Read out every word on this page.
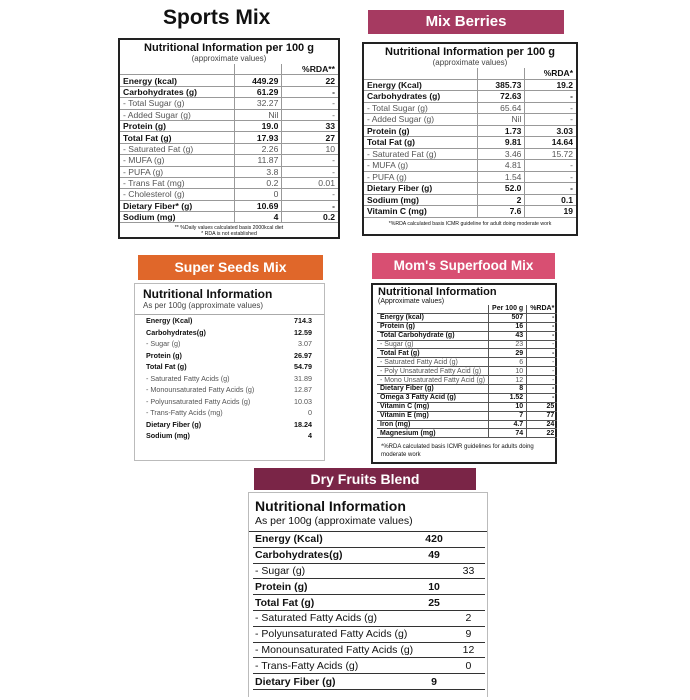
Sports Mix
Nutritional Information per 100 g
(approximate values)
		%RDA**
Energy (kcal)	449.29	22
Carbohydrates (g)	61.29	-
- Total Sugar (g)	32.27	-
- Added Sugar (g)	Nil	-
Protein (g)	19.0	33
Total Fat (g)	17.93	27
- Saturated Fat (g)	2.26	10
- MUFA (g)	11.87	-
- PUFA (g)	3.8	-
- Trans Fat (mg)	0.2	0.01
- Cholesterol (g)	0	-
Dietary Fiber* (g)	10.69	-
Sodium (mg)	4	0.2
** %Daily values calculated basis 2000kcal diet
* RDA is not established
Mix Berries
Nutritional Information per 100 g
(approximate values)
		%RDA*
Energy (Kcal)	385.73	19.2
Carbohydrates (g)	72.63	-
- Total Sugar (g)	65.64	-
- Added Sugar (g)	Nil	-
Protein (g)	1.73	3.03
Total Fat (g)	9.81	14.64
- Saturated Fat (g)	3.46	15.72
- MUFA (g)	4.81	-
- PUFA (g)	1.54	-
Dietary Fiber (g)	52.0	-
Sodium (mg)	2	0.1
Vitamin C (mg)	7.6	19
*%RDA calculated basis ICMR guideline for adult doing moderate work
Super Seeds Mix
Nutritional Information
As per 100g (approximate values)
Energy (Kcal)	714.3
Carbohydrates(g)	12.59
- Sugar (g)	3.07
Protein (g)	26.97
Total Fat (g)	54.79
- Saturated Fatty Acids (g)	31.89
- Monounsaturated Fatty Acids (g)	12.87
- Polyunsaturated Fatty Acids (g)	10.03
- Trans-Fatty Acids (mg)	0
Dietary Fiber (g)	18.24
Sodium (mg)	4
Mom's Superfood Mix
Nutritional Information
(Approximate values)
	Per 100 g	%RDA*
Energy (kcal)	507	-
Protein (g)	16	-
Total Carbohydrate (g)	43	-
- Sugar (g)	23	-
Total Fat (g)	29	-
- Saturated Fatty Acid (g)	6	-
- Poly Unsaturated Fatty Acid (g)	10	-
- Mono Unsaturated Fatty Acid (g)	12	-
Dietary Fiber (g)	8	-
Omega 3 Fatty Acid (g)	1.52	-
Vitamin C (mg)	10	25
Vitamin E (mg)	7	77
Iron (mg)	4.7	24
Magnesium (mg)	74	22
*%RDA calculated basis ICMR guidelines for adults doing moderate work
Dry Fruits Blend
Nutritional Information
As per 100g (approximate values)
Energy (Kcal)	420	
Carbohydrates(g)	49	
- Sugar (g)		33
Protein (g)	10	
Total Fat (g)	25	
- Saturated Fatty Acids (g)		2
- Polyunsaturated Fatty Acids (g)		9
- Monounsaturated Fatty Acids (g)		12
- Trans-Fatty Acids (g)		0
Dietary Fiber (g)	9	
